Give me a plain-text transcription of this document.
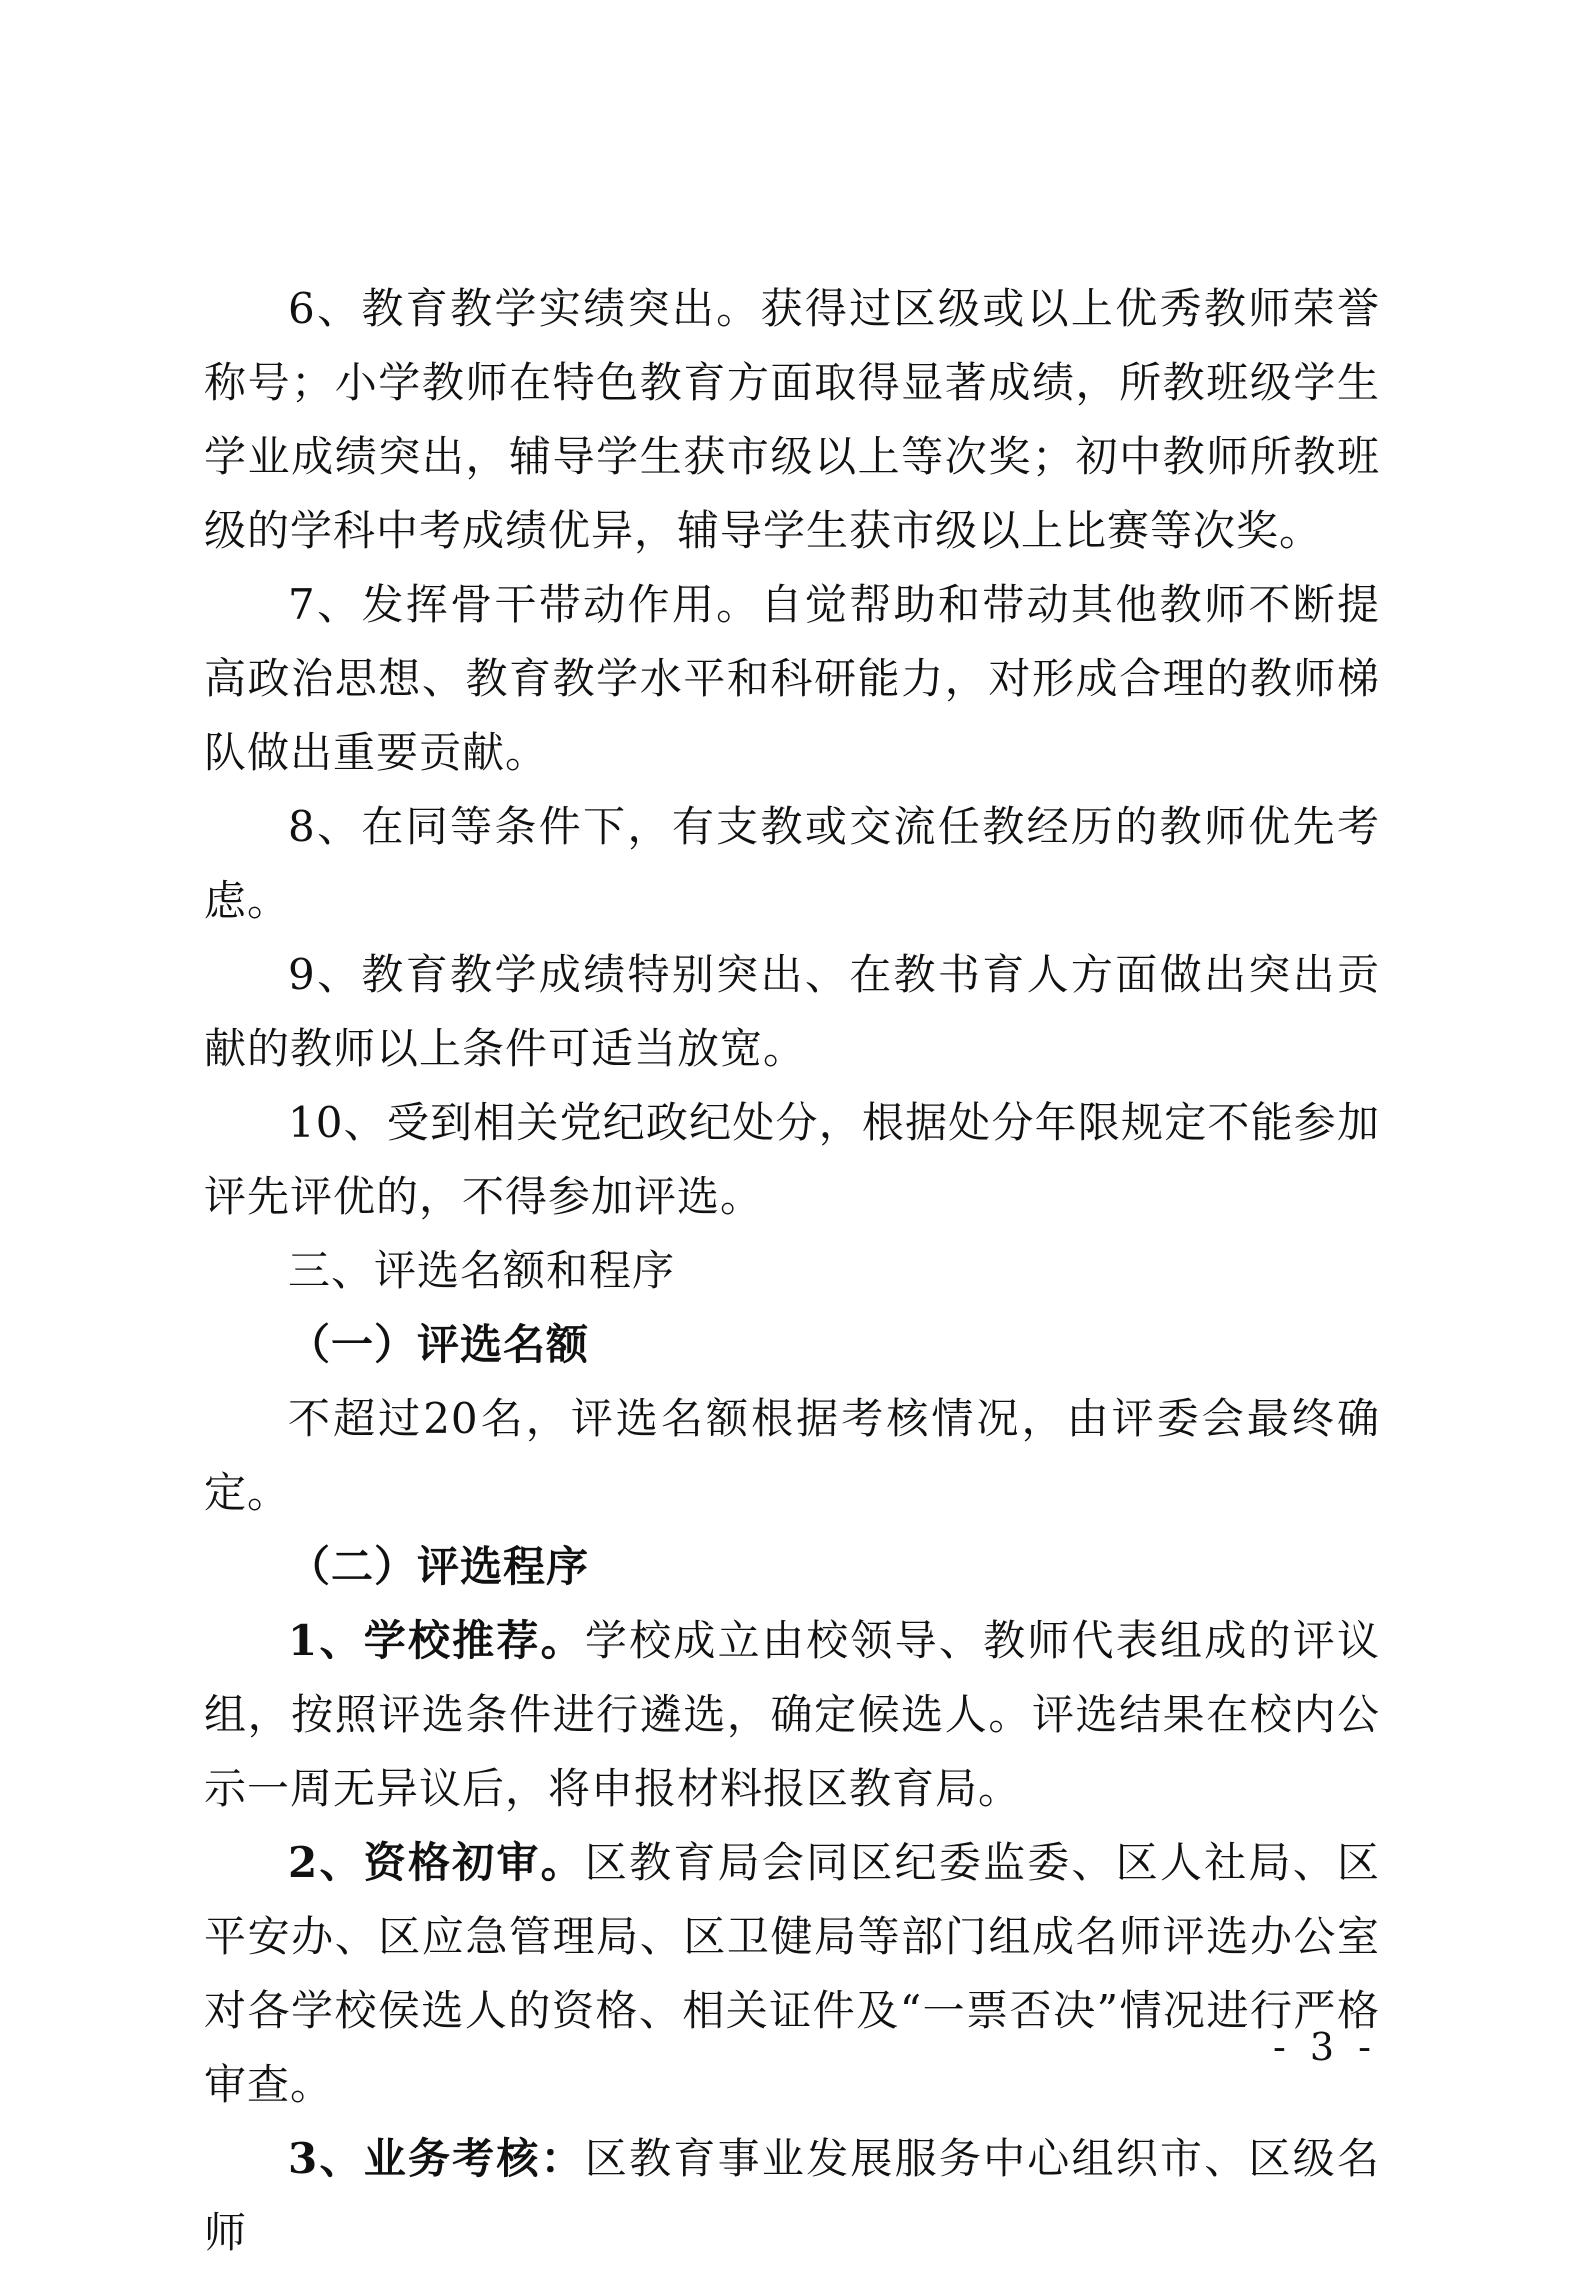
6、教育教学实绩突出。获得过区级或以上优秀教师荣誉称号；小学教师在特色教育方面取得显著成绩，所教班级学生学业成绩突出，辅导学生获市级以上等次奖；初中教师所教班级的学科中考成绩优异，辅导学生获市级以上比赛等次奖。

7、发挥骨干带动作用。自觉帮助和带动其他教师不断提高政治思想、教育教学水平和科研能力，对形成合理的教师梯队做出重要贡献。

8、在同等条件下，有支教或交流任教经历的教师优先考虑。

9、教育教学成绩特别突出、在教书育人方面做出突出贡献的教师以上条件可适当放宽。

10、受到相关党纪政纪处分，根据处分年限规定不能参加评先评优的，不得参加评选。

三、评选名额和程序

（一）评选名额

不超过20名，评选名额根据考核情况，由评委会最终确定。

（二）评选程序

1、学校推荐。学校成立由校领导、教师代表组成的评议组，按照评选条件进行遴选，确定候选人。评选结果在校内公示一周无异议后，将申报材料报区教育局。

2、资格初审。区教育局会同区纪委监委、区人社局、区平安办、区应急管理局、区卫健局等部门组成名师评选办公室对各学校侯选人的资格、相关证件及“一票否决”情况进行严格审查。

3、业务考核：区教育事业发展服务中心组织市、区级名师

- 3 -
